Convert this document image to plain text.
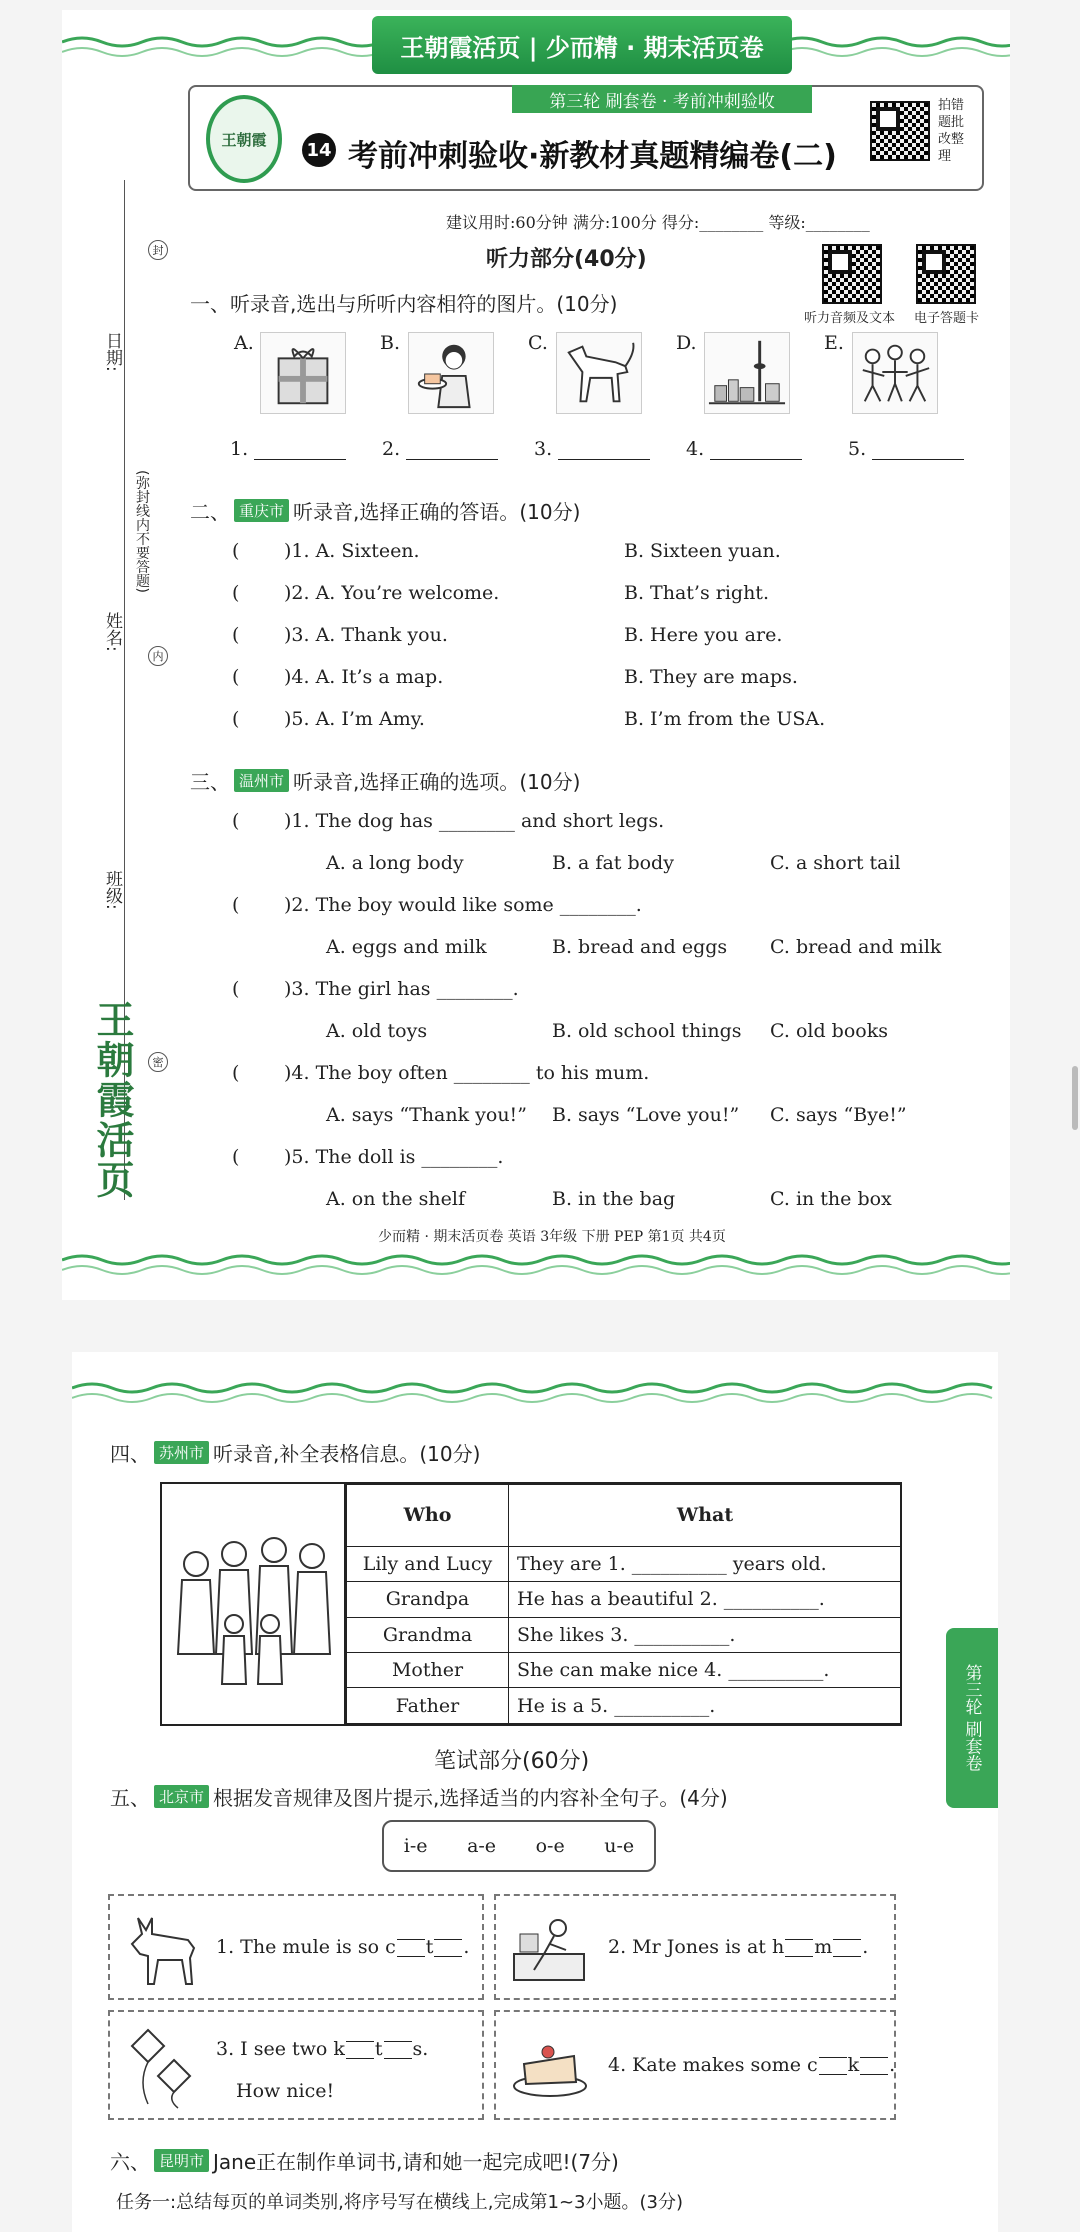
王朝霞活页 | 少而精 · 期末活页卷
王朝霞
第三轮 刷套卷 · 考前冲刺验收
14 考前冲刺验收·新教材真题精编卷(二)
拍错题批改整理
建议用时:60分钟 满分:100分 得分:________ 等级:________
听力音频及文本 电子答题卡
日期:
(弥封线内不要答题)
姓名:
班级:
封
内
密
王朝霞活页
听力部分(40分)
一、听录音,选出与所听内容相符的图片。(10分)
A.	B.	C.	D.	E.
1.	2.	3.	4.	5.
二、 重庆市 听录音,选择正确的答语。(10分)
( )1. A. Sixteen.	B. Sixteen yuan.
( )2. A. You’re welcome.	B. That’s right.
( )3. A. Thank you.	B. Here you are.
( )4. A. It’s a map.	B. They are maps.
( )5. A. I’m Amy.	B. I’m from the USA.
三、 温州市 听录音,选择正确的选项。(10分)
( )1. The dog has ________ and short legs.
A. a long body	B. a fat body	C. a short tail
( )2. The boy would like some ________.
A. eggs and milk	B. bread and eggs C. bread and milk
( )3. The girl has ________.
A. old toys	B. old school things C. old books
( )4. The boy often ________ to his mum.
A. says “Thank you!” B. says “Love you!” C. says “Bye!”
( )5. The doll is ________.
A. on the shelf	B. in the bag	C. in the box
少而精 · 期末活页卷 英语 3年级 下册 PEP 第1页 共4页
第三轮 刷套卷
四、 苏州市 听录音,补全表格信息。(10分)
Who	What
Lily and Lucy	They are 1. __________ years old.
Grandpa	He has a beautiful 2. __________.
Grandma	She likes 3. __________.
Mother	She can make nice 4. __________.
Father	He is a 5. __________.
笔试部分(60分)
五、 北京市 根据发音规律及图片提示,选择适当的内容补全句子。(4分)
i-e a-e o-e u-e
1. The mule is so c t .	2. Mr Jones is at h m .
3. I see two k t s.
How nice!
4. Kate makes some c k .
六、 昆明市 Jane正在制作单词书,请和她一起完成吧!(7分)
任务一:总结每页的单词类别,将序号写在横线上,完成第1~3小题。(3分)
